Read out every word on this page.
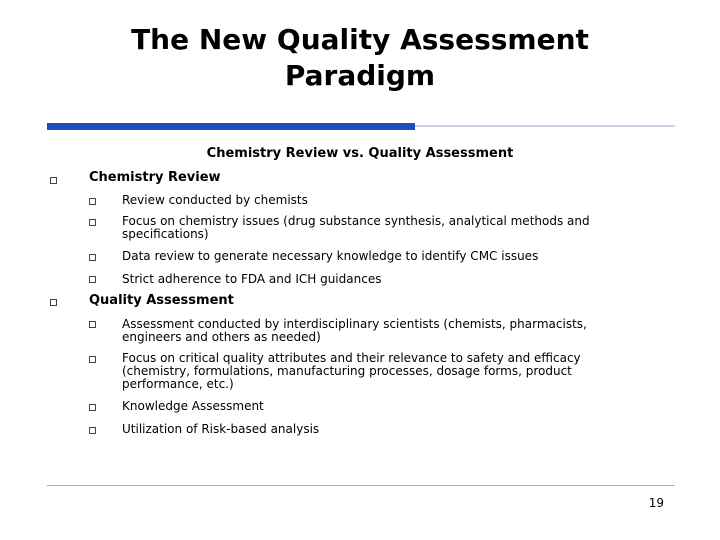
The New Quality Assessment
Paradigm
Chemistry Review vs. Quality Assessment
Chemistry Review
Review conducted by chemists
Focus on chemistry issues (drug substance synthesis, analytical methods and specifications)
Data review to generate necessary knowledge to identify CMC issues
Strict adherence to FDA and ICH guidances
Quality Assessment
Assessment conducted by interdisciplinary scientists (chemists, pharmacists, engineers and others as needed)
Focus on critical quality attributes and their relevance to safety and efficacy (chemistry, formulations, manufacturing processes, dosage forms, product performance, etc.)
Knowledge Assessment
Utilization of Risk-based analysis
19
